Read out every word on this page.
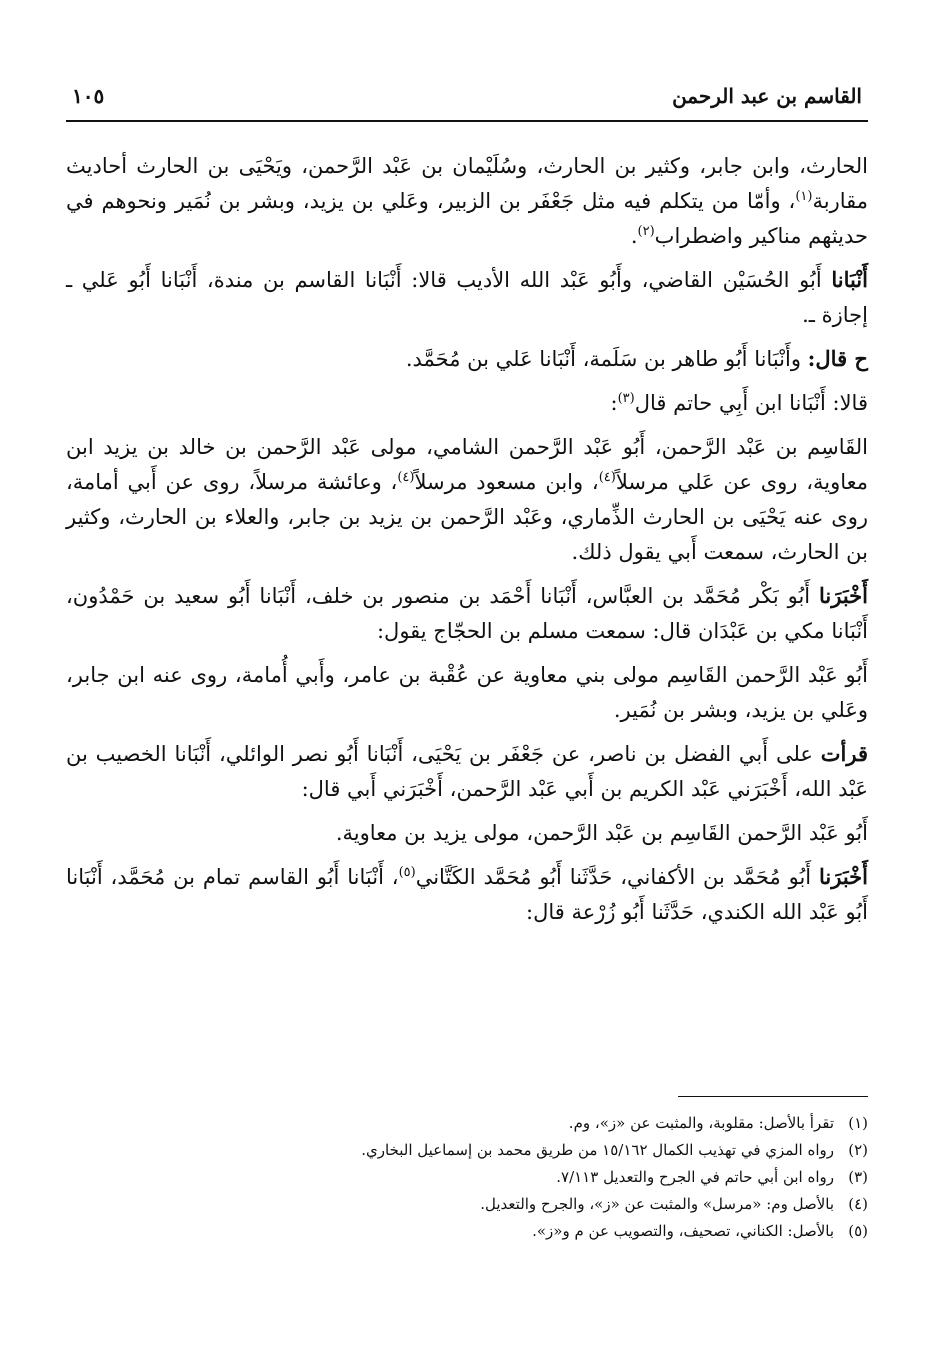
القاسم بن عبد الرحمن
١٠٥

الحارث، وابن جابر، وكثير بن الحارث، وسُلَيْمان بن عَبْد الرَّحمن، ويَحْيَى بن الحارث أحاديث مقاربة$^{(١)}$، وأمّا من يتكلم فيه مثل جَعْفَر بن الزبير، وعَلي بن يزيد، وبشر بن نُمَير ونحوهم في حديثهم مناكير واضطراب$^{(٢)}$.

أَنْبَانا أَبُو الحُسَيْن القاضي، وأَبُو عَبْد الله الأديب قالا: أَنْبَانا القاسم بن مندة، أَنْبَانا أَبُو عَلي ـ إجازة ـ.

ح قال: وأَنْبَانا أَبُو طاهر بن سَلَمة، أَنْبَانا عَلي بن مُحَمَّد.

قالا: أَنْبَانا ابن أَبِي حاتم قال$^{(٣)}$:

القَاسِم بن عَبْد الرَّحمن، أَبُو عَبْد الرَّحمن الشامي، مولى عَبْد الرَّحمن بن خالد بن يزيد ابن معاوية، روى عن عَلي مرسلاً$^{(٤)}$، وابن مسعود مرسلاً$^{(٤)}$، وعائشة مرسلاً، روى عن أَبي أمامة، روى عنه يَحْيَى بن الحارث الذِّماري، وعَبْد الرَّحمن بن يزيد بن جابر، والعلاء بن الحارث، وكثير بن الحارث، سمعت أَبي يقول ذلك.

أَخْبَرَنا أَبُو بَكْر مُحَمَّد بن العبَّاس، أَنْبَانا أَحْمَد بن منصور بن خلف، أَنْبَانا أَبُو سعيد بن حَمْدُون، أَنْبَانا مكي بن عَبْدَان قال: سمعت مسلم بن الحجّاج يقول:

أَبُو عَبْد الرَّحمن القَاسِم مولى بني معاوية عن عُقْبة بن عامر، وأَبي أُمامة، روى عنه ابن جابر، وعَلي بن يزيد، وبشر بن نُمَير.

قرأت على أَبي الفضل بن ناصر، عن جَعْفَر بن يَحْيَى، أَنْبَانا أَبُو نصر الوائلي، أَنْبَانا الخصيب بن عَبْد الله، أَخْبَرَني عَبْد الكريم بن أَبي عَبْد الرَّحمن، أَخْبَرَني أَبي قال:

أَبُو عَبْد الرَّحمن القَاسِم بن عَبْد الرَّحمن، مولى يزيد بن معاوية.

أَخْبَرَنا أَبُو مُحَمَّد بن الأكفاني، حَدَّثَنا أَبُو مُحَمَّد الكَتَّاني$^{(٥)}$، أَنْبَانا أَبُو القاسم تمام بن مُحَمَّد، أَنْبَانا أَبُو عَبْد الله الكندي، حَدَّثَنا أَبُو زُرْعة قال:

(١)تقرأ بالأصل: مقلوبة، والمثبت عن «ز»، وم.
(٢)رواه المزي في تهذيب الكمال ١٥/١٦٢ من طريق محمد بن إسماعيل البخاري.
(٣)رواه ابن أبي حاتم في الجرح والتعديل ٧/١١٣.
(٤)بالأصل وم: «مرسل» والمثبت عن «ز»، والجرح والتعديل.
(٥)بالأصل: الكناني، تصحيف، والتصويب عن م و«ز».
